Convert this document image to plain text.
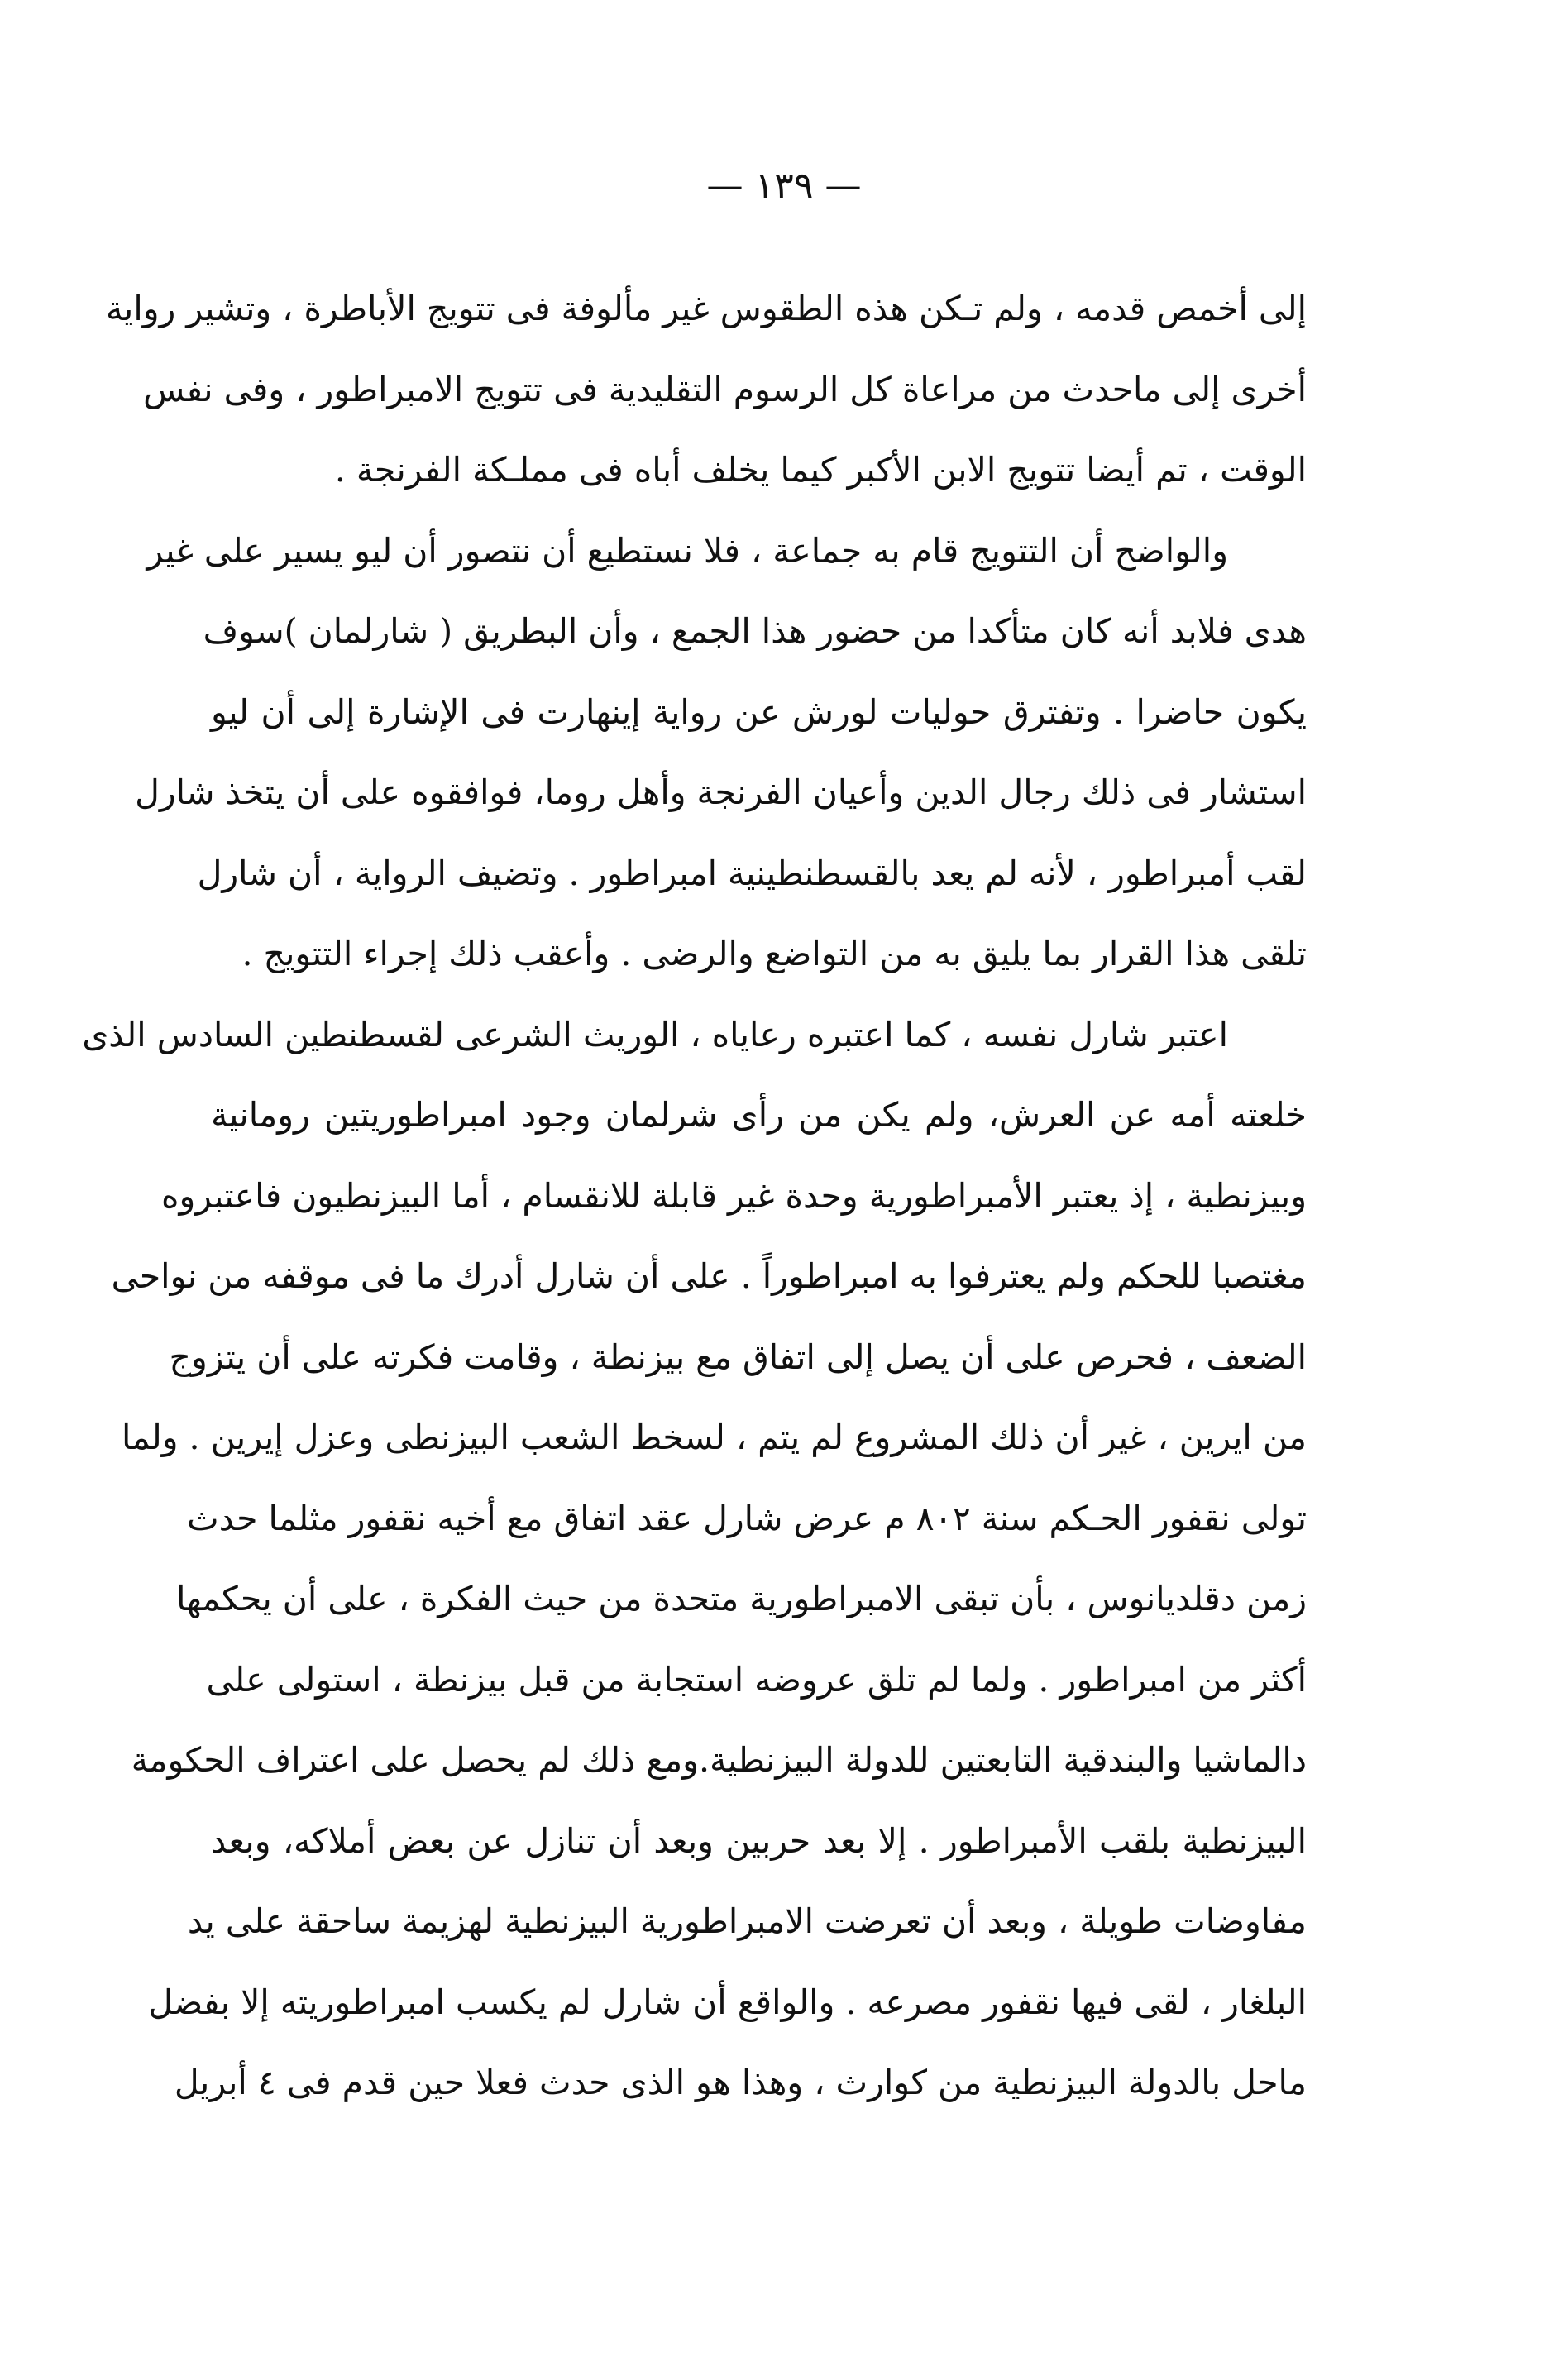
— ١٣٩ —

إلى أخمص قدمه ، ولم تـكن هذه الطقوس غير مألوفة فى تتويج الأباطرة ، وتشير رواية
أخرى إلى ماحدث من مراعاة كل الرسوم التقليدية فى تتويج الامبراطور ، وفى نفس
الوقت ، تم أيضا تتويج الابن الأكبر كيما يخلف أباه فى مملـكة الفرنجة .

والواضح أن التتويج قام به جماعة ، فلا نستطيع أن نتصور أن ليو يسير على غير
هدى فلابد أنه كان متأكدا من حضور هذا الجمع ، وأن البطريق ( شارلمان )سوف
يكون حاضرا . وتفترق حوليات لورش عن رواية إينهارت فى الإشارة إلى أن ليو
استشار فى ذلك رجال الدين وأعيان الفرنجة وأهل روما، فوافقوه على أن يتخذ شارل
لقب أمبراطور ، لأنه لم يعد بالقسطنطينية امبراطور . وتضيف الرواية ، أن شارل
تلقى هذا القرار بما يليق به من التواضع والرضى . وأعقب ذلك إجراء التتويج .

اعتبر شارل نفسه ، كما اعتبره رعاياه ، الوريث الشرعى لقسطنطين السادس الذى
خلعته أمه عن العرش، ولم يكن من رأى شرلمان وجود امبراطوريتين رومانية
وبيزنطية ، إذ يعتبر الأمبراطورية وحدة غير قابلة للانقسام ، أما البيزنطيون فاعتبروه
مغتصبا للحكم ولم يعترفوا به امبراطوراً . على أن شارل أدرك ما فى موقفه من نواحى
الضعف ، فحرص على أن يصل إلى اتفاق مع بيزنطة ، وقامت فكرته على أن يتزوج
من ايرين ، غير أن ذلك المشروع لم يتم ، لسخط الشعب البيزنطى وعزل إيرين . ولما
تولى نقفور الحـكم سنة ٨٠٢ م عرض شارل عقد اتفاق مع أخيه نقفور مثلما حدث
زمن دقلديانوس ، بأن تبقى الامبراطورية متحدة من حيث الفكرة ، على أن يحكمها
أكثر من امبراطور . ولما لم تلق عروضه استجابة من قبل بيزنطة ، استولى على
دالماشيا والبندقية التابعتين للدولة البيزنطية.ومع ذلك لم يحصل على اعتراف الحكومة
البيزنطية بلقب الأمبراطور . إلا بعد حربين وبعد أن تنازل عن بعض أملاكه، وبعد
مفاوضات طويلة ، وبعد أن تعرضت الامبراطورية البيزنطية لهزيمة ساحقة على يد
البلغار ، لقى فيها نقفور مصرعه . والواقع أن شارل لم يكسب امبراطوريته إلا بفضل
ماحل بالدولة البيزنطية من كوارث ، وهذا هو الذى حدث فعلا حين قدم فى ٤ أبريل
